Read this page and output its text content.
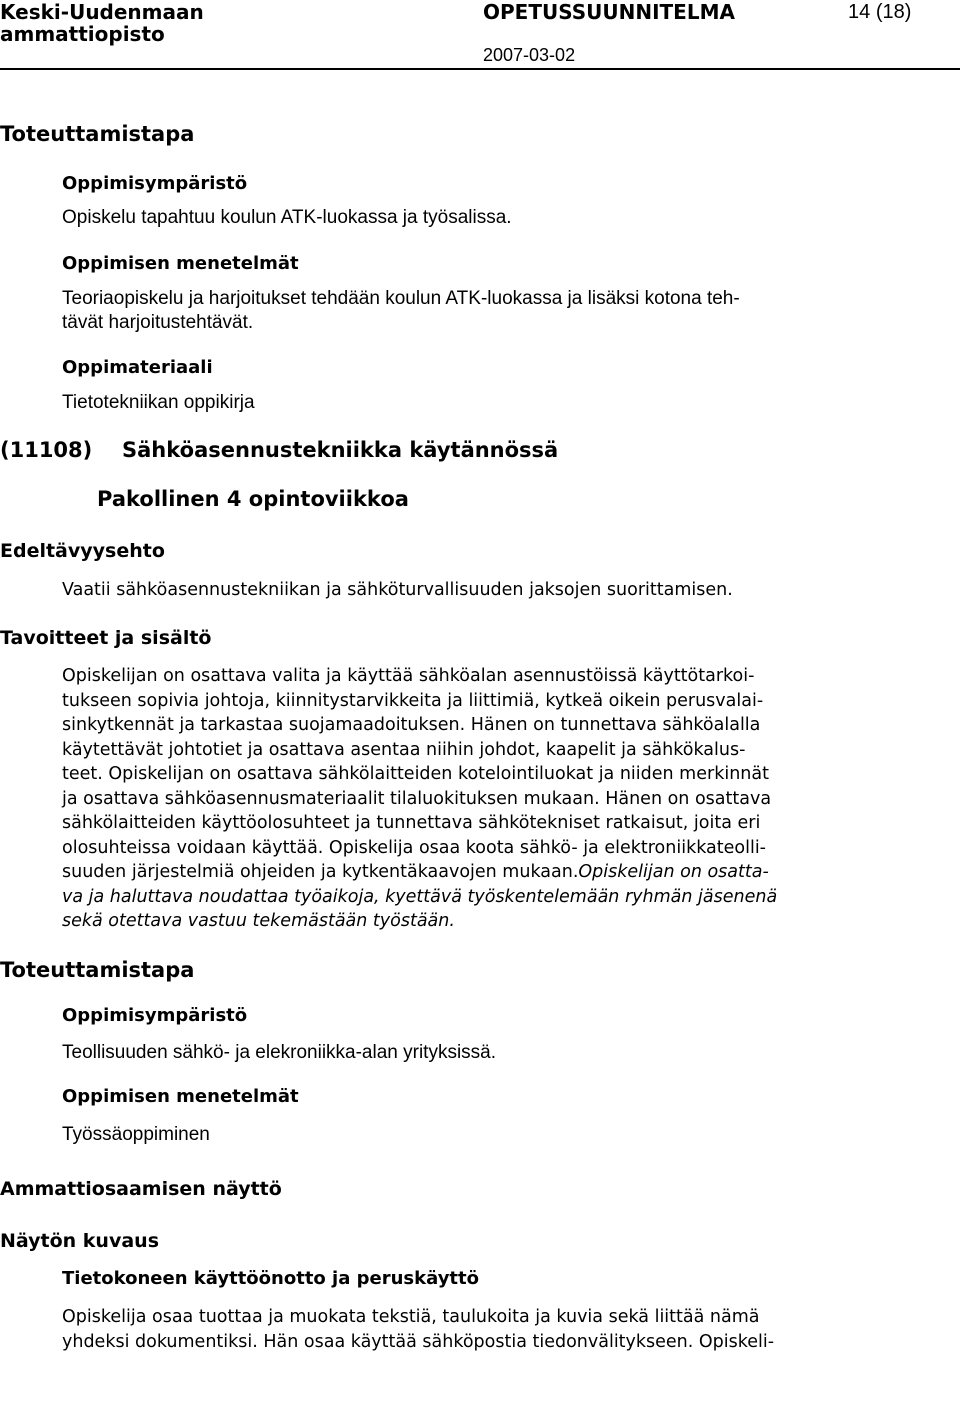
Keski-Uudenmaan
ammattiopisto
OPETUSSUUNNITELMA	14 (18)
2007-03-02
Toteuttamistapa
Oppimisympäristö
Opiskelu tapahtuu koulun ATK-luokassa ja työsalissa.
Oppimisen menetelmät
Teoriaopiskelu ja harjoitukset tehdään koulun ATK-luokassa ja lisäksi kotona teh-
tävät harjoitustehtävät.
Oppimateriaali
Tietotekniikan oppikirja
(11108) Sähköasennustekniikka käytännössä
Pakollinen 4 opintoviikkoa
Edeltävyysehto
Vaatii sähköasennustekniikan ja sähköturvallisuuden jaksojen suorittamisen.
Tavoitteet ja sisältö
Opiskelijan on osattava valita ja käyttää sähköalan asennustöissä käyttötarkoi-
tukseen sopivia johtoja, kiinnitystarvikkeita ja liittimiä, kytkeä oikein perusvalai-
sinkytkennät ja tarkastaa suojamaadoituksen. Hänen on tunnettava sähköalalla
käytettävät johtotiet ja osattava asentaa niihin johdot, kaapelit ja sähkökalus-
teet. Opiskelijan on osattava sähkölaitteiden kotelointiluokat ja niiden merkinnät
ja osattava sähköasennusmateriaalit tilaluokituksen mukaan. Hänen on osattava
sähkölaitteiden käyttöolosuhteet ja tunnettava sähkötekniset ratkaisut, joita eri
olosuhteissa voidaan käyttää. Opiskelija osaa koota sähkö- ja elektroniikkateolli-
suuden järjestelmiä ohjeiden ja kytkentäkaavojen mukaan.Opiskelijan on osatta-
va ja haluttava noudattaa työaikoja, kyettävä työskentelemään ryhmän jäsenenä
sekä otettava vastuu tekemästään työstään.
Toteuttamistapa
Oppimisympäristö
Teollisuuden sähkö- ja elekroniikka-alan yrityksissä.
Oppimisen menetelmät
Työssäoppiminen
Ammattiosaamisen näyttö
Näytön kuvaus
Tietokoneen käyttöönotto ja peruskäyttö
Opiskelija osaa tuottaa ja muokata tekstiä, taulukoita ja kuvia sekä liittää nämä
yhdeksi dokumentiksi. Hän osaa käyttää sähköpostia tiedonvälitykseen. Opiskeli-
